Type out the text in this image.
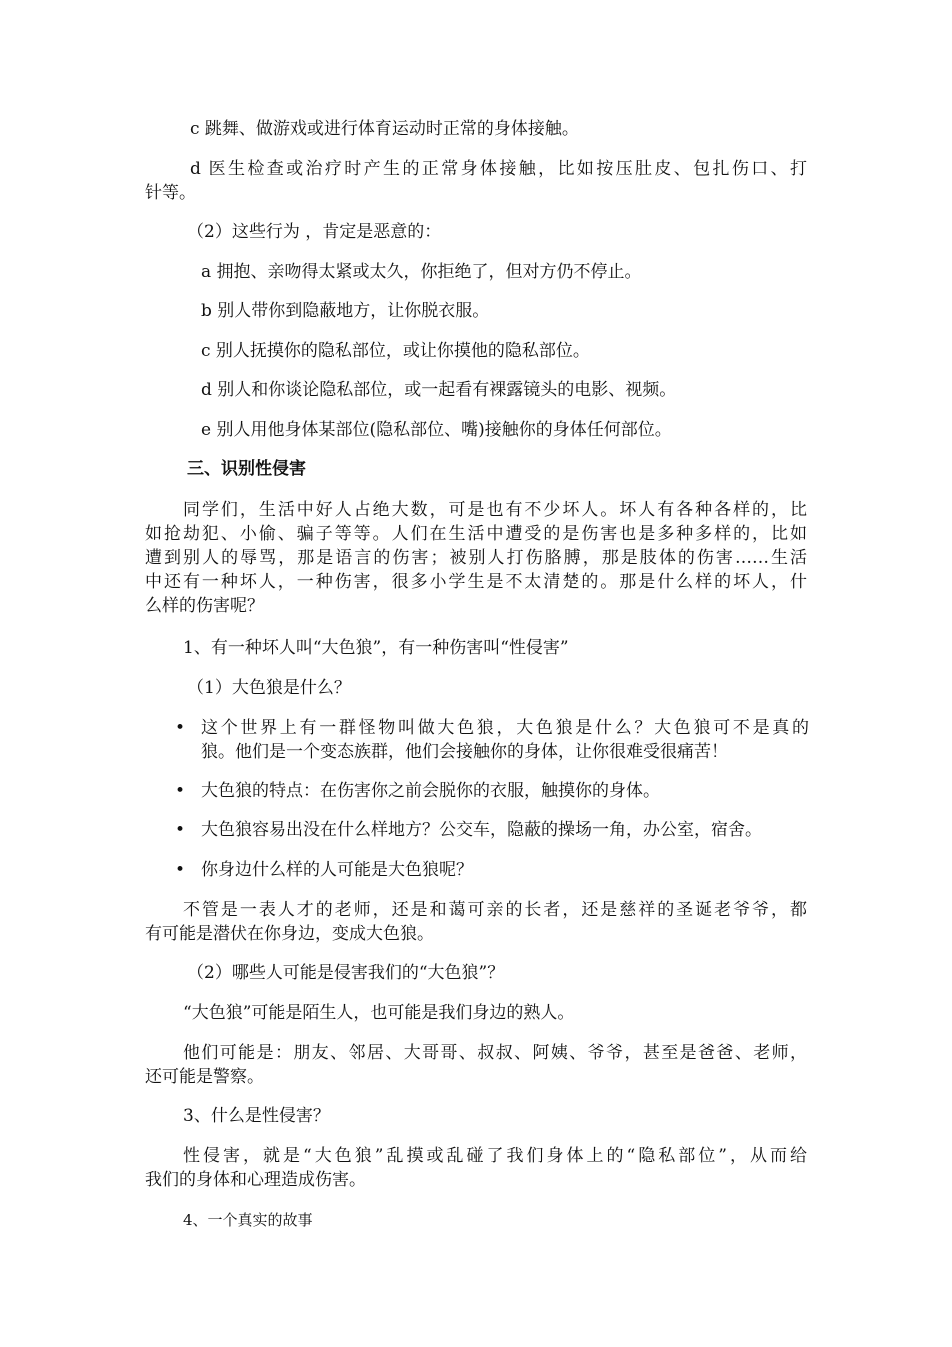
c 跳舞、做游戏或进行体育运动时正常的身体接触。
d 医生检查或治疗时产生的正常身体接触，比如按压肚皮、包扎伤口、打
针等。
（2）这些行为 ，肯定是恶意的：
a 拥抱、亲吻得太紧或太久，你拒绝了，但对方仍不停止。
b 别人带你到隐蔽地方，让你脱衣服。
c 别人抚摸你的隐私部位，或让你摸他的隐私部位。
d 别人和你谈论隐私部位，或一起看有裸露镜头的电影、视频。
e 别人用他身体某部位(隐私部位、嘴)接触你的身体任何部位。
三、识别性侵害
同学们，生活中好人占绝大数，可是也有不少坏人。坏人有各种各样的，比
如抢劫犯、小偷、骗子等等。人们在生活中遭受的是伤害也是多种多样的，比如
遭到别人的辱骂，那是语言的伤害；被别人打伤胳膊，那是肢体的伤害……生活
中还有一种坏人，一种伤害，很多小学生是不太清楚的。那是什么样的坏人，什
么样的伤害呢？
1、有一种坏人叫“大色狼”，有一种伤害叫“性侵害”
（1）大色狼是什么？
• 这个世界上有一群怪物叫做大色狼，大色狼是什么？大色狼可不是真的
狼。他们是一个变态族群，他们会接触你的身体，让你很难受很痛苦！
• 大色狼的特点：在伤害你之前会脱你的衣服，触摸你的身体。
• 大色狼容易出没在什么样地方？公交车，隐蔽的操场一角，办公室，宿舍。
• 你身边什么样的人可能是大色狼呢？
不管是一表人才的老师，还是和蔼可亲的长者，还是慈祥的圣诞老爷爷，都
有可能是潜伏在你身边，变成大色狼。
（2）哪些人可能是侵害我们的“大色狼”？
“大色狼”可能是陌生人，也可能是我们身边的熟人。
他们可能是：朋友、邻居、大哥哥、叔叔、阿姨、爷爷，甚至是爸爸、老师，
还可能是警察。
3、什么是性侵害？
性侵害，就是“大色狼”乱摸或乱碰了我们身体上的“隐私部位”，从而给
我们的身体和心理造成伤害。
4、一个真实的故事
